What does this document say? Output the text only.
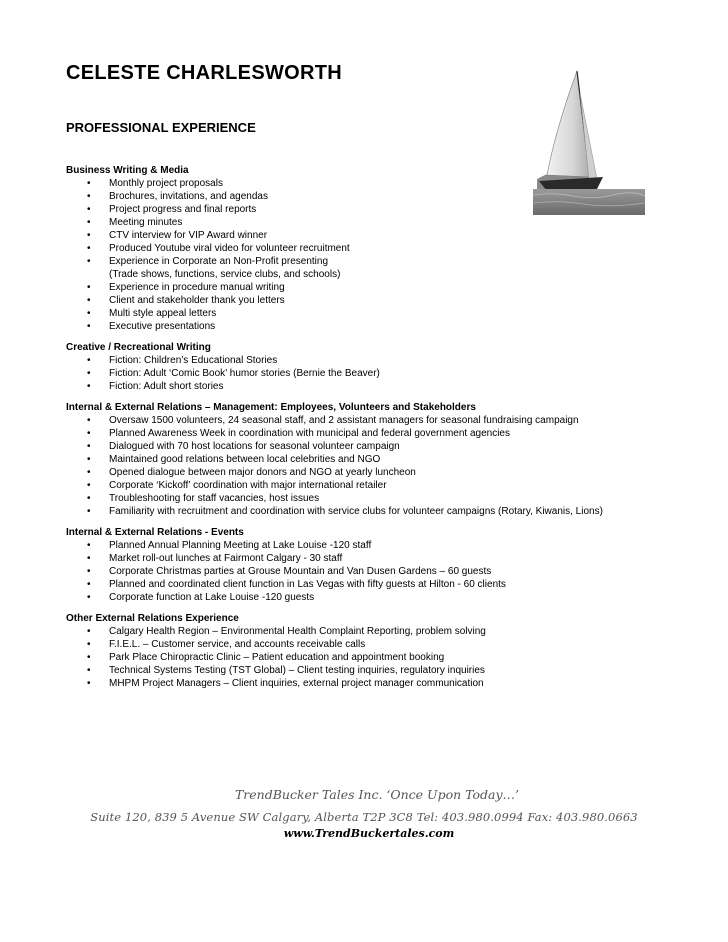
CELESTE CHARLESWORTH
PROFESSIONAL EXPERIENCE

Business Writing & Media

• Monthly project proposals
• Brochures, invitations, and agendas
• Project progress and final reports
• Meeting minutes
• CTV interview for VIP Award winner
• Produced Youtube viral video for volunteer recruitment
• Experience in Corporate an Non-Profit presenting
(Trade shows, functions, service clubs, and schools)
• Experience in procedure manual writing
• Client and stakeholder thank you letters
• Multi style appeal letters
• Executive presentations

Creative / Recreational Writing

• Fiction: Children’s Educational Stories
• Fiction: Adult ‘Comic Book’ humor stories (Bernie the Beaver)
• Fiction: Adult short stories

Internal & External Relations – Management: Employees, Volunteers and Stakeholders

• Oversaw 1500 volunteers, 24 seasonal staff, and 2 assistant managers for seasonal fundraising campaign
• Planned Awareness Week in coordination with municipal and federal government agencies
• Dialogued with 70 host locations for seasonal volunteer campaign
• Maintained good relations between local celebrities and NGO
• Opened dialogue between major donors and NGO at yearly luncheon
• Corporate ‘Kickoff’ coordination with major international retailer
• Troubleshooting for staff vacancies, host issues
• Familiarity with recruitment and coordination with service clubs for volunteer campaigns (Rotary, Kiwanis, Lions)

Internal & External Relations - Events

• Planned Annual Planning Meeting at Lake Louise -120 staff
• Market roll-out lunches at Fairmont Calgary - 30 staff
• Corporate Christmas parties at Grouse Mountain and Van Dusen Gardens – 60 guests
• Planned and coordinated client function in Las Vegas with fifty guests at Hilton - 60 clients
• Corporate function at Lake Louise -120 guests

Other External Relations Experience

• Calgary Health Region – Environmental Health Complaint Reporting, problem solving
• F.I.E.L. – Customer service, and accounts receivable calls
• Park Place Chiropractic Clinic – Patient education and appointment booking
• Technical Systems Testing (TST Global) – Client testing inquiries, regulatory inquiries
• MHPM Project Managers – Client inquiries, external project manager communication
TrendBucker Tales Inc. ‘Once Upon Today…’
Suite 120, 839 5 Avenue SW Calgary, Alberta T2P 3C8 Tel: 403.980.0994 Fax: 403.980.0663
www.TrendBuckertales.com
